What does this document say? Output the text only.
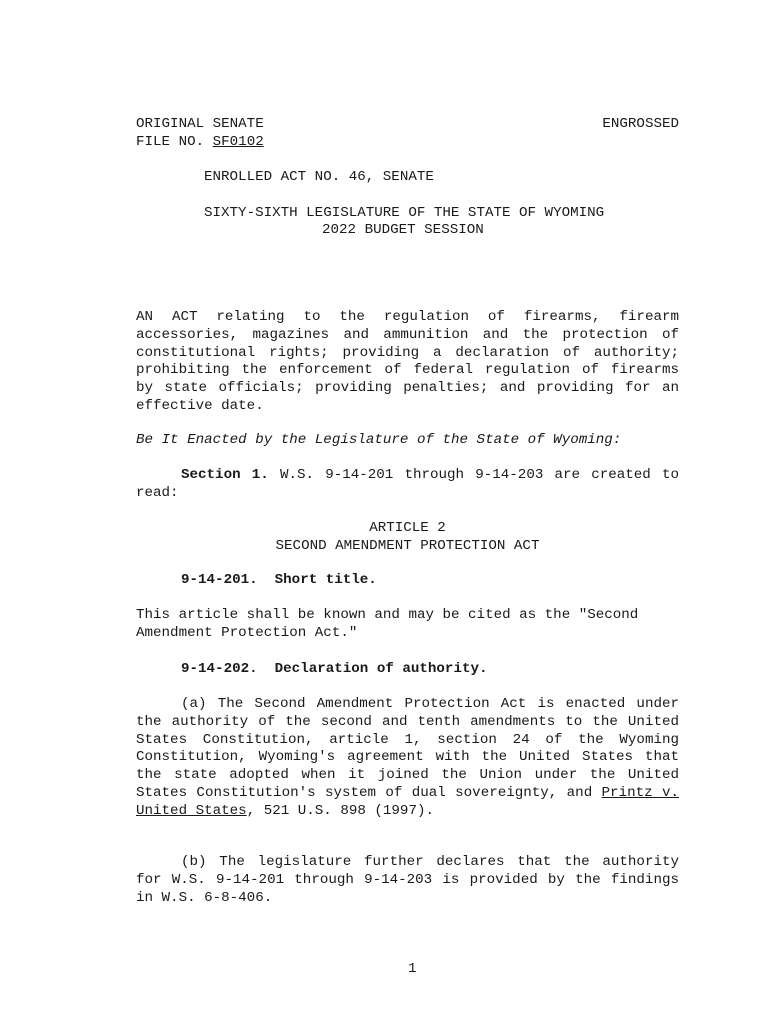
ORIGINAL SENATE
FILE NO. SF0102
ENGROSSED
ENROLLED ACT NO. 46, SENATE
SIXTY-SIXTH LEGISLATURE OF THE STATE OF WYOMING
2022 BUDGET SESSION
AN ACT relating to the regulation of firearms, firearm accessories, magazines and ammunition and the protection of constitutional rights; providing a declaration of authority; prohibiting the enforcement of federal regulation of firearms by state officials; providing penalties; and providing for an effective date.
Be It Enacted by the Legislature of the State of Wyoming:
Section 1. W.S. 9-14-201 through 9-14-203 are created to read:
ARTICLE 2
SECOND AMENDMENT PROTECTION ACT
9-14-201.  Short title.
This article shall be known and may be cited as the "Second Amendment Protection Act."
9-14-202.  Declaration of authority.
(a) The Second Amendment Protection Act is enacted under the authority of the second and tenth amendments to the United States Constitution, article 1, section 24 of the Wyoming Constitution, Wyoming's agreement with the United States that the state adopted when it joined the Union under the United States Constitution's system of dual sovereignty, and Printz v. United States, 521 U.S. 898 (1997).
(b) The legislature further declares that the authority for W.S. 9-14-201 through 9-14-203 is provided by the findings in W.S. 6-8-406.
1
